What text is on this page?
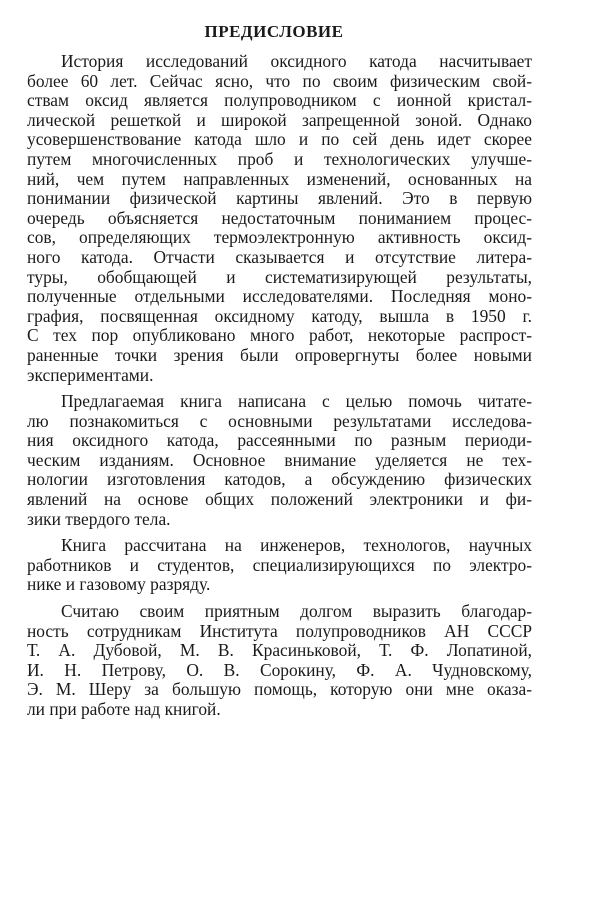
ПРЕДИСЛОВИЕ
История исследований оксидного катода насчитывает
более 60 лет. Сейчас ясно, что по своим физическим свой-
ствам оксид является полупроводником с ионной кристал-
лической решеткой и широкой запрещенной зоной. Однако
усовершенствование катода шло и по сей день идет скорее
путем многочисленных проб и технологических улучше-
ний, чем путем направленных изменений, основанных на
понимании физической картины явлений. Это в первую
очередь объясняется недостаточным пониманием процес-
сов, определяющих термоэлектронную активность оксид-
ного катода. Отчасти сказывается и отсутствие литера-
туры, обобщающей и систематизирующей результаты,
полученные отдельными исследователями. Последняя моно-
графия, посвященная оксидному катоду, вышла в 1950 г.
С тех пор опубликовано много работ, некоторые распрост-
раненные точки зрения были опровергнуты более новыми
экспериментами.
Предлагаемая книга написана с целью помочь читате-
лю познакомиться с основными результатами исследова-
ния оксидного катода, рассеянными по разным периоди-
ческим изданиям. Основное внимание уделяется не тех-
нологии изготовления катодов, а обсуждению физических
явлений на основе общих положений электроники и фи-
зики твердого тела.
Книга рассчитана на инженеров, технологов, научных
работников и студентов, специализирующихся по электро-
нике и газовому разряду.
Считаю своим приятным долгом выразить благодар-
ность сотрудникам Института полупроводников АН СССР
Т. А. Дубовой, М. В. Красиньковой, Т. Ф. Лопатиной,
И. Н. Петрову, О. В. Сорокину, Ф. А. Чудновскому,
Э. М. Шеру за большую помощь, которую они мне оказа-
ли при работе над книгой.
